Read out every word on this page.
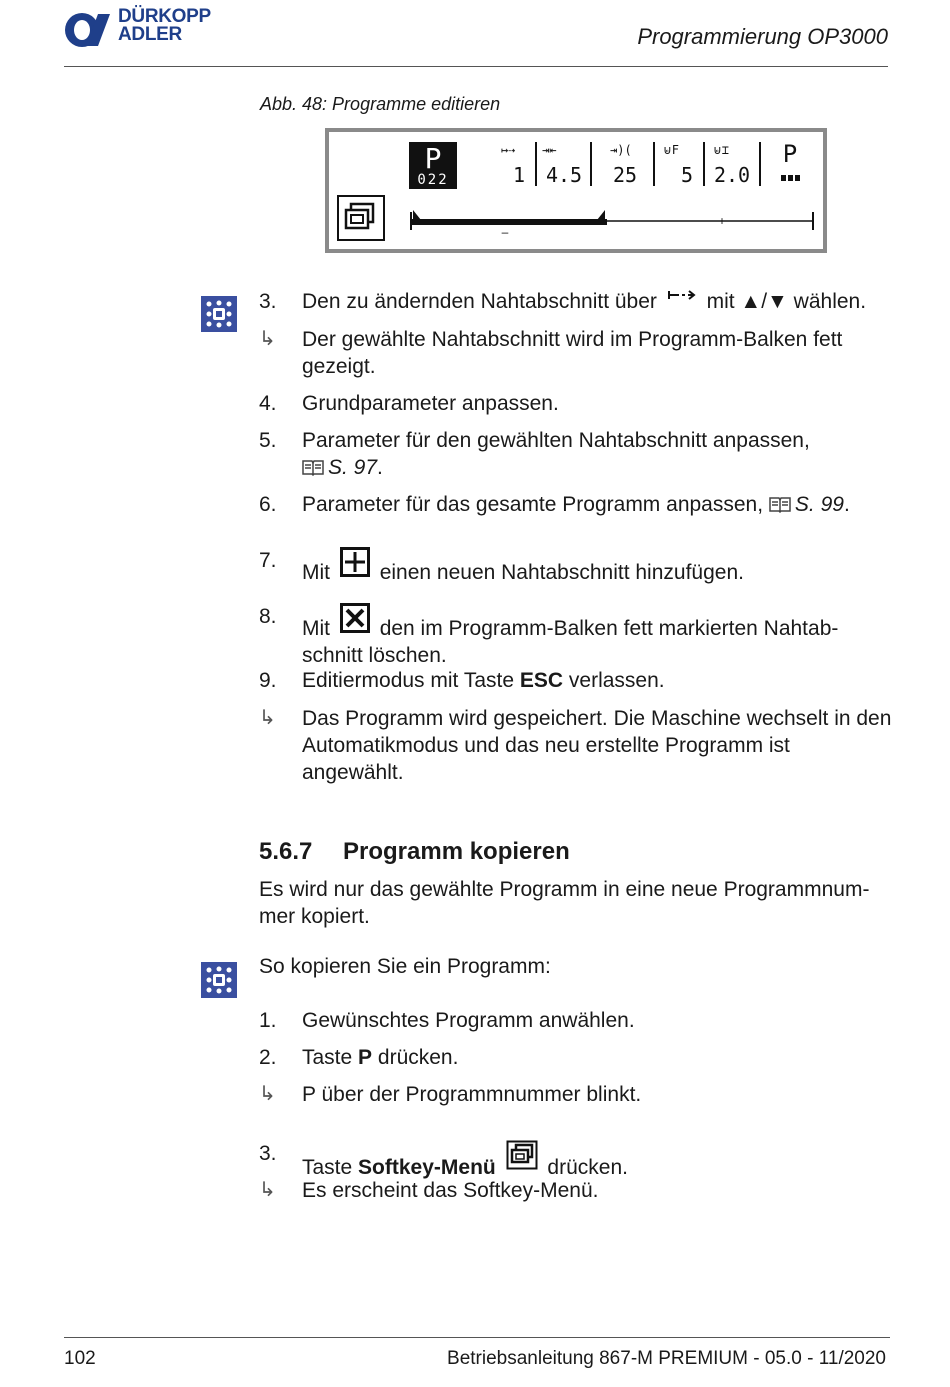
DÜRKOPP
ADLER	Programmierung OP3000
Abb. 48: Programme editieren
P
022
↦⇢ ⇥⇤	⇥)(	⊌F	⊌⌶
1 4.5 25 5 2.0
P
–
+
3.	Den zu ändernden Nahtabschnitt über mit ▲/▼ wählen.
↳	Der gewählte Nahtabschnitt wird im Programm-Balken fett gezeigt.
4.	Grundparameter anpassen.
5.	Parameter für den gewählten Nahtabschnitt anpassen,
S. 97.
6.	Parameter für das gesamte Programm anpassen, S. 99.
7.
Mit einen neuen Nahtabschnitt hinzufügen.
8.
Mit den im Programm-Balken fett markierten Nahtab-schnitt löschen.
9.	Editiermodus mit Taste ESC verlassen.
↳	Das Programm wird gespeichert. Die Maschine wechselt in den Automatikmodus und das neu erstellte Programm ist angewählt.
5.6.7 Programm kopieren
Es wird nur das gewählte Programm in eine neue Programmnum-mer kopiert.
So kopieren Sie ein Programm:
1.	Gewünschtes Programm anwählen.
2.	Taste P drücken.
↳	P über der Programmnummer blinkt.
3.
Taste Softkey-Menü drücken.
↳	Es erscheint das Softkey-Menü.
102	Betriebsanleitung 867-M PREMIUM - 05.0 - 11/2020
